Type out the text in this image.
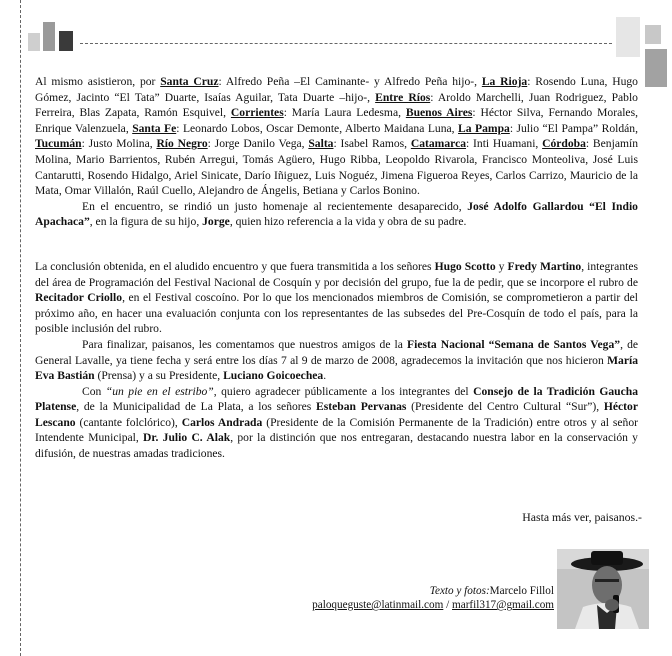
Al mismo asistieron, por Santa Cruz: Alfredo Peña –El Caminante- y Alfredo Peña hijo-, La Rioja: Rosendo Luna, Hugo Gómez, Jacinto “El Tata” Duarte, Isaías Aguilar, Tata Duarte –hijo-, Entre Ríos: Aroldo Marchelli, Juan Rodriguez, Pablo Ferreira, Blas Zapata, Ramón Esquivel, Corrientes: María Laura Ledesma, Buenos Aires: Héctor Silva, Fernando Morales, Enrique Valenzuela, Santa Fe: Leonardo Lobos, Oscar Demonte, Alberto Maidana Luna, La Pampa: Julio “El Pampa” Roldán, Tucumán: Justo Molina, Río Negro: Jorge Danilo Vega, Salta: Isabel Ramos, Catamarca: Inti Huamani, Córdoba: Benjamín Molina, Mario Barrientos, Rubén Arregui, Tomás Agüero, Hugo Ribba, Leopoldo Rivarola, Francisco Monteoliva, José Luis Cantarutti, Rosendo Hidalgo, Ariel Sinicate, Darío Iñiguez, Luis Noguéz, Jimena Figueroa Reyes, Carlos Carrizo, Mauricio de la Mata, Omar Villalón, Raúl Cuello, Alejandro de Ángelis, Betiana y Carlos Bonino.

En el encuentro, se rindió un justo homenaje al recientemente desaparecido, José Adolfo Gallardou “El Indio Apachaca”, en la figura de su hijo, Jorge, quien hizo referencia a la vida y obra de su padre.

La conclusión obtenida, en el aludido encuentro y que fuera transmitida a los señores Hugo Scotto y Fredy Martino, integrantes del área de Programación del Festival Nacional de Cosquín y por decisión del grupo, fue la de pedir, que se incorpore el rubro de Recitador Criollo, en el Festival coscoíno. Por lo que los mencionados miembros de Comisión, se comprometieron a partir del próximo año, en hacer una evaluación conjunta con los representantes de las subsedes del Pre-Cosquín de todo el país, para la posible inclusión del rubro.

Para finalizar, paisanos, les comentamos que nuestros amigos de la Fiesta Nacional “Semana de Santos Vega”, de General Lavalle, ya tiene fecha y será entre los días 7 al 9 de marzo de 2008, agradecemos la invitación que nos hicieron María Eva Bastián (Prensa) y a su Presidente, Luciano Goicoechea.

Con “un pie en el estribo”, quiero agradecer públicamente a los integrantes del Consejo de la Tradición Gaucha Platense, de la Municipalidad de La Plata, a los señores Esteban Pervanas (Presidente del Centro Cultural “Sur”), Héctor Lescano (cantante folclórico), Carlos Andrada (Presidente de la Comisión Permanente de la Tradición) entre otros y al señor Intendente Municipal, Dr. Julio C. Alak, por la distinción que nos entregaran, destacando nuestra labor en la conservación y difusión, de nuestras amadas tradiciones.

Hasta más ver, paisanos.-
Texto y fotos:Marcelo Fillol
paloqueguste@latinmail.com / marfil317@gmail.com
